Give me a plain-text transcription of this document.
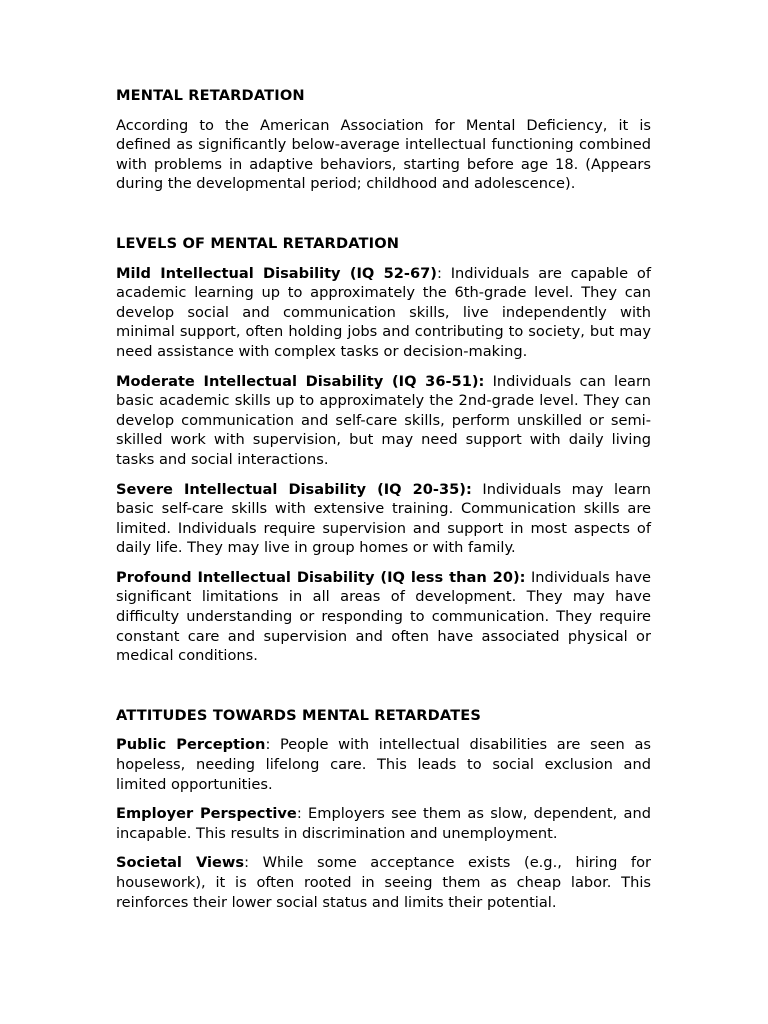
MENTAL RETARDATION

According to the American Association for Mental Deficiency, it is defined as significantly below-average intellectual functioning combined with problems in adaptive behaviors, starting before age 18. (Appears during the developmental period; childhood and adolescence).

LEVELS OF MENTAL RETARDATION

Mild Intellectual Disability (IQ 52-67): Individuals are capable of academic learning up to approximately the 6th-grade level. They can develop social and communication skills, live independently with minimal support, often holding jobs and contributing to society, but may need assistance with complex tasks or decision-making.

Moderate Intellectual Disability (IQ 36-51): Individuals can learn basic academic skills up to approximately the 2nd-grade level. They can develop communication and self-care skills, perform unskilled or semi-skilled work with supervision, but may need support with daily living tasks and social interactions.

Severe Intellectual Disability (IQ 20-35): Individuals may learn basic self-care skills with extensive training. Communication skills are limited. Individuals require supervision and support in most aspects of daily life. They may live in group homes or with family.

Profound Intellectual Disability (IQ less than 20): Individuals have significant limitations in all areas of development. They may have difficulty understanding or responding to communication. They require constant care and supervision and often have associated physical or medical conditions.

ATTITUDES TOWARDS MENTAL RETARDATES

Public Perception: People with intellectual disabilities are seen as hopeless, needing lifelong care. This leads to social exclusion and limited opportunities.

Employer Perspective: Employers see them as slow, dependent, and incapable. This results in discrimination and unemployment.

Societal Views: While some acceptance exists (e.g., hiring for housework), it is often rooted in seeing them as cheap labor. This reinforces their lower social status and limits their potential.
